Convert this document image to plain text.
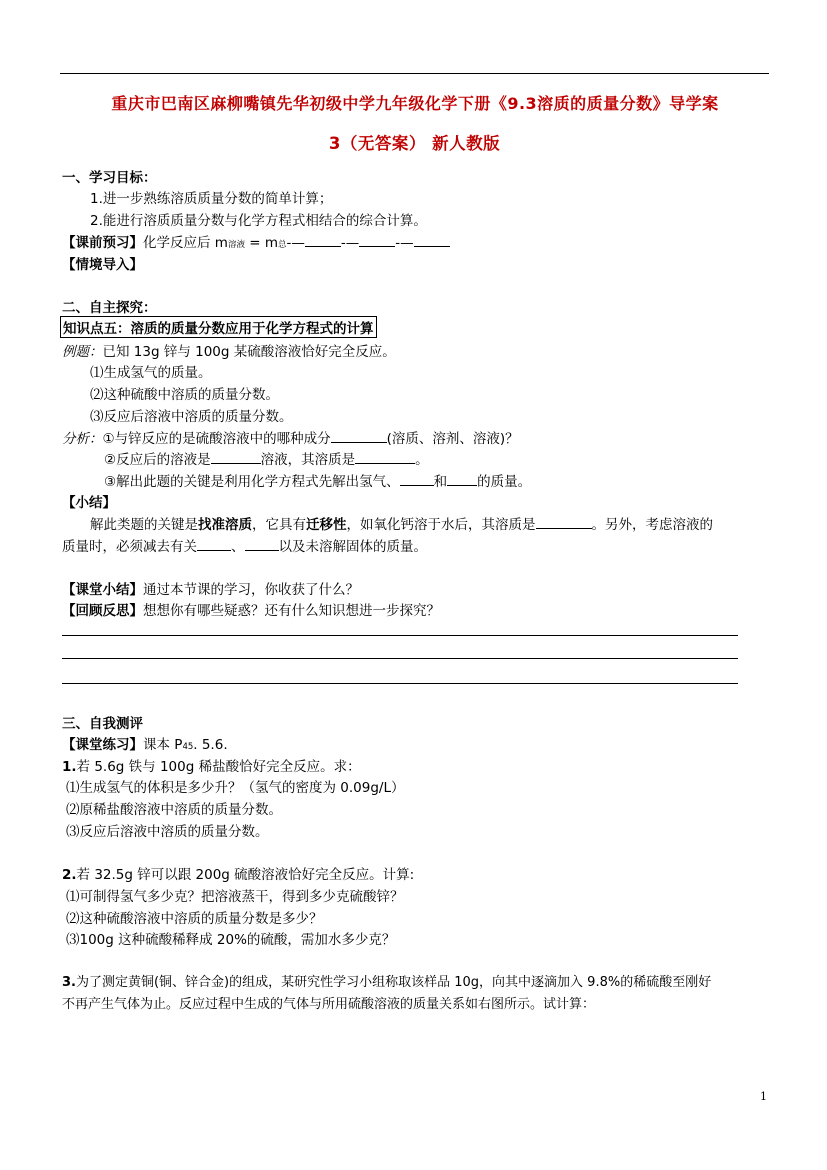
重庆市巴南区麻柳嘴镇先华初级中学九年级化学下册《9.3溶质的质量分数》导学案
3（无答案） 新人教版
一、学习目标：
1.进一步熟练溶质质量分数的简单计算；
2.能进行溶质质量分数与化学方程式相结合的综合计算。
【课前预习】化学反应后 m溶液 = m总-—	-—	-—
【情境导入】
二、自主探究：
知识点五：溶质的质量分数应用于化学方程式的计算
例题：已知 13g 锌与 100g 某硫酸溶液恰好完全反应。
⑴生成氢气的质量。
⑵这种硫酸中溶质的质量分数。
⑶反应后溶液中溶质的质量分数。
分析：①与锌反应的是硫酸溶液中的哪种成分	(溶质、溶剂、溶液)？
②反应后的溶液是	溶液，其溶质是	。
③解出此题的关键是利用化学方程式先解出氢气、	和 的质量。
【小结】
解此类题的关键是找准溶质，它具有迁移性，如氧化钙溶于水后，其溶质是	。另外，考虑溶液的
质量时，必须减去有关	、	以及未溶解固体的质量。
【课堂小结】通过本节课的学习，你收获了什么？
【回顾反思】想想你有哪些疑惑？还有什么知识想进一步探究？
三、自我测评
【课堂练习】课本 P45. 5.6.
1.若 5.6g 铁与 100g 稀盐酸恰好完全反应。求：
⑴生成氢气的体积是多少升？（氢气的密度为 0.09g/L）
⑵原稀盐酸溶液中溶质的质量分数。
⑶反应后溶液中溶质的质量分数。
2.若 32.5g 锌可以跟 200g 硫酸溶液恰好完全反应。计算:
⑴可制得氢气多少克？把溶液蒸干，得到多少克硫酸锌？
⑵这种硫酸溶液中溶质的质量分数是多少？
⑶100g 这种硫酸稀释成 20%的硫酸，需加水多少克？
3.为了测定黄铜(铜、锌合金)的组成，某研究性学习小组称取该样品 10g，向其中逐滴加入 9.8%的稀硫酸至刚好
不再产生气体为止。反应过程中生成的气体与所用硫酸溶液的质量关系如右图所示。试计算：
1
